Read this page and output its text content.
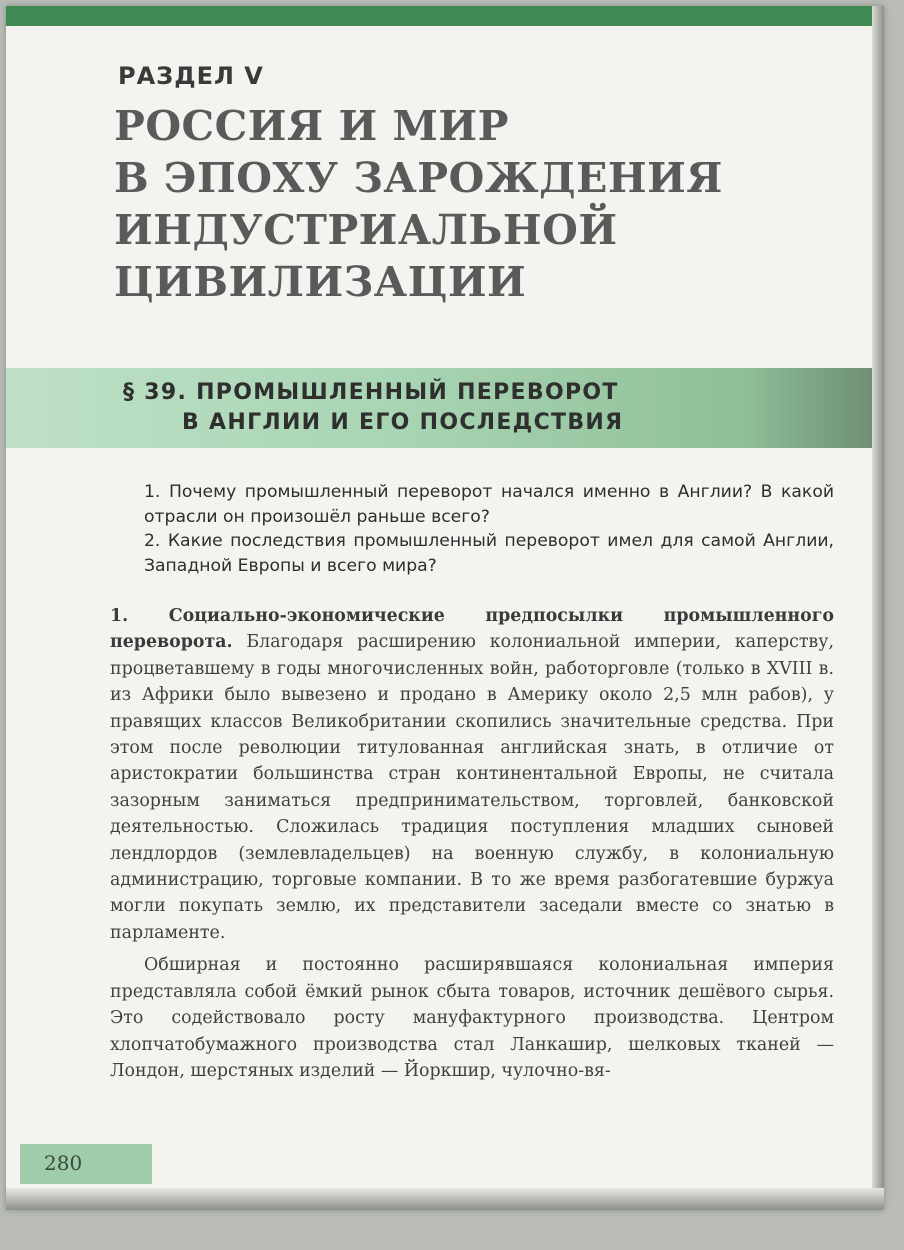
РАЗДЕЛ V
РОССИЯ И МИР
В ЭПОХУ ЗАРОЖДЕНИЯ
ИНДУСТРИАЛЬНОЙ
ЦИВИЛИЗАЦИИ
§ 39. ПРОМЫШЛЕННЫЙ ПЕРЕВОРОТ
В АНГЛИИ И ЕГО ПОСЛЕДСТВИЯ

1. Почему промышленный переворот начался именно в Англии? В какой отрасли он произошёл раньше всего?

2. Какие последствия промышленный переворот имел для самой Англии, Западной Европы и всего мира?

1. Социально-экономические предпосылки промышленного переворота. Благодаря расширению колониальной империи, каперству, процветавшему в годы многочисленных войн, работорговле (только в XVIII в. из Африки было вывезено и продано в Америку около 2,5 млн рабов), у правящих классов Великобритании скопились значительные средства. При этом после революции титулованная английская знать, в отличие от аристократии большинства стран континентальной Европы, не считала зазорным заниматься предпринимательством, торговлей, банковской деятельностью. Сложилась традиция поступления младших сыновей лендлордов (землевладельцев) на военную службу, в колониальную администрацию, торговые компании. В то же время разбогатевшие буржуа могли покупать землю, их представители заседали вместе со знатью в парламенте.

Обширная и постоянно расширявшаяся колониальная империя представляла собой ёмкий рынок сбыта товаров, источник дешёвого сырья. Это содействовало росту мануфактурного производства. Центром хлопчатобумажного производства стал Ланкашир, шелковых тканей — Лондон, шерстяных изделий — Йоркшир, чулочно-вя-

280
